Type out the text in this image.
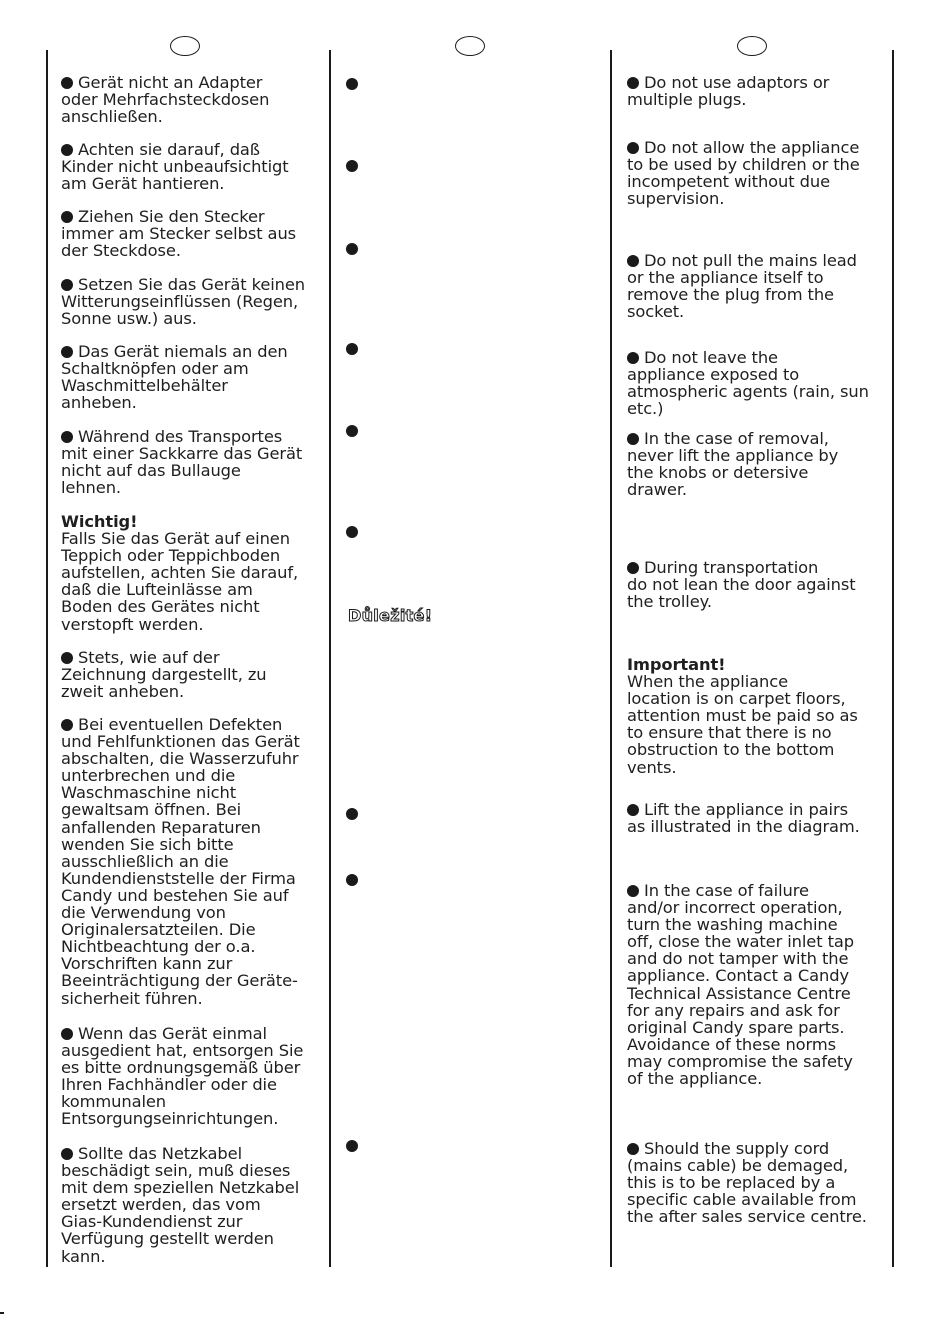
Gerät nicht an Adapter
oder Mehrfachsteckdosen
anschließen.
Achten sie darauf, daß
Kinder nicht unbeaufsichtigt
am Gerät hantieren.
Ziehen Sie den Stecker
immer am Stecker selbst aus
der Steckdose.
Setzen Sie das Gerät keinen
Witterungseinflüssen (Regen,
Sonne usw.) aus.
Das Gerät niemals an den
Schaltknöpfen oder am
Waschmittelbehälter
anheben.
Während des Transportes
mit einer Sackkarre das Gerät
nicht auf das Bullauge
lehnen.
Wichtig!
Falls Sie das Gerät auf einen
Teppich oder Teppichboden
aufstellen, achten Sie darauf,
daß die Lufteinlässe am
Boden des Gerätes nicht
verstopft werden.
Stets, wie auf der
Zeichnung dargestellt, zu
zweit anheben.
Bei eventuellen Defekten
und Fehlfunktionen das Gerät
abschalten, die Wasserzufuhr
unterbrechen und die
Waschmaschine nicht
gewaltsam öffnen. Bei
anfallenden Reparaturen
wenden Sie sich bitte
ausschließlich an die
Kundendienststelle der Firma
Candy und bestehen Sie auf
die Verwendung von
Originalersatzteilen. Die
Nichtbeachtung der o.a.
Vorschriften kann zur
Beeinträchtigung der Geräte-
sicherheit führen.
Wenn das Gerät einmal
ausgedient hat, entsorgen Sie
es bitte ordnungsgemäß über
Ihren Fachhändler oder die
kommunalen
Entsorgungseinrichtungen.
Sollte das Netzkabel
beschädigt sein, muß dieses
mit dem speziellen Netzkabel
ersetzt werden, das vom
Gias-Kundendienst zur
Verfügung gestellt werden
kann.
Důležité!
Do not use adaptors or
multiple plugs.
Do not allow the appliance
to be used by children or the
incompetent without due
supervision.
Do not pull the mains lead
or the appliance itself to
remove the plug from the
socket.
Do not leave the
appliance exposed to
atmospheric agents (rain, sun
etc.)
In the case of removal,
never lift the appliance by
the knobs or detersive
drawer.
During transportation
do not lean the door against
the trolley.
Important!
When the appliance
location is on carpet floors,
attention must be paid so as
to ensure that there is no
obstruction to the bottom
vents.
Lift the appliance in pairs
as illustrated in the diagram.
In the case of failure
and/or incorrect operation,
turn the washing machine
off, close the water inlet tap
and do not tamper with the
appliance. Contact a Candy
Technical Assistance Centre
for any repairs and ask for
original Candy spare parts.
Avoidance of these norms
may compromise the safety
of the appliance.
Should the supply cord
(mains cable) be demaged,
this is to be replaced by a
specific cable available from
the after sales service centre.
